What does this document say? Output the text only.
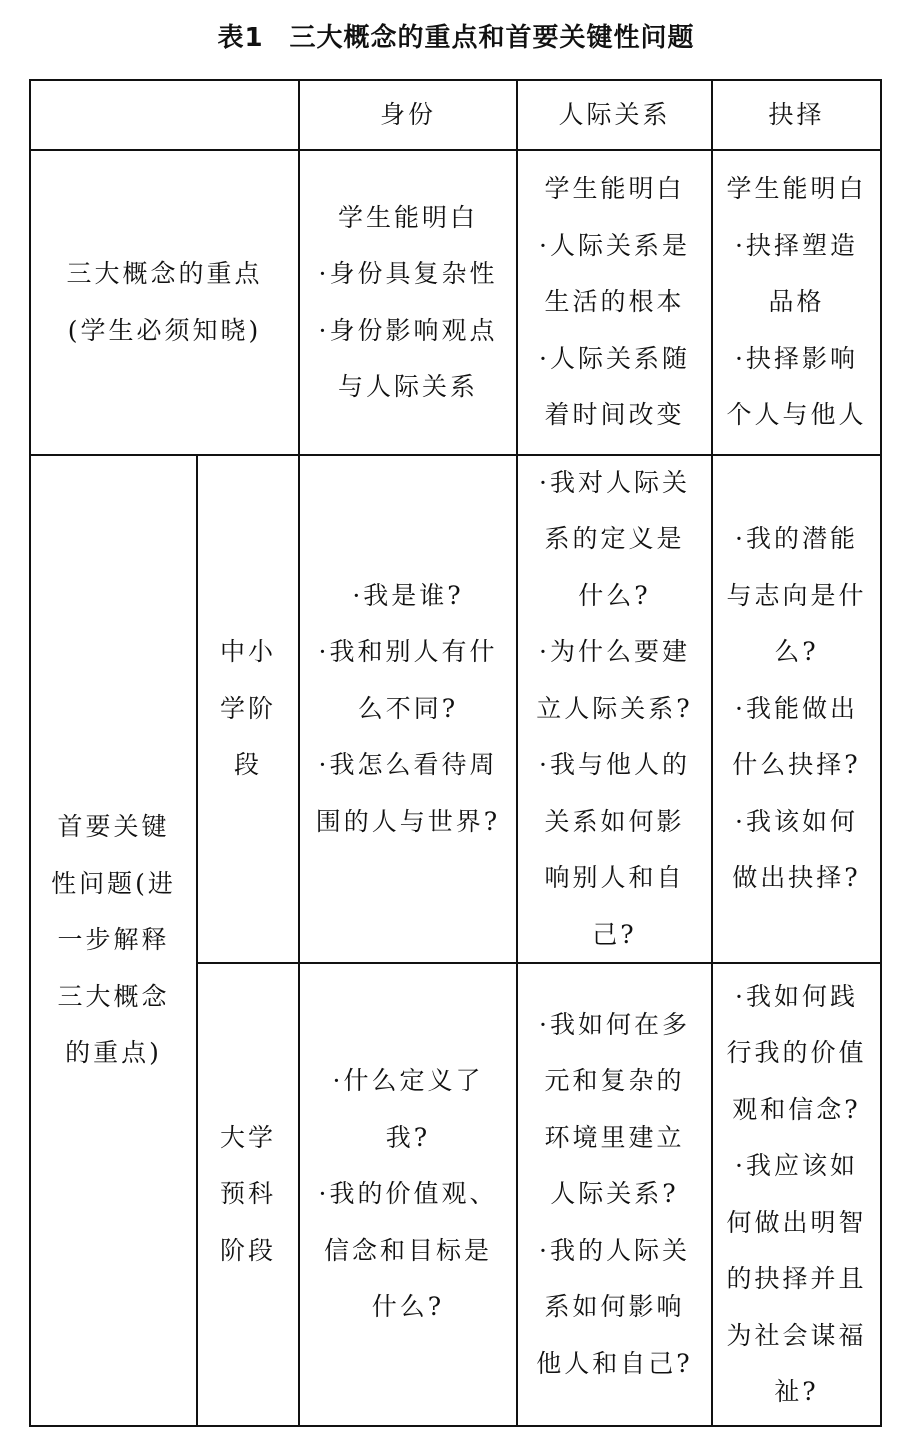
表1 三大概念的重点和首要关键性问题
身份	人际关系	抉择
三大概念的重点
(学生必须知晓)
学生能明白
·身份具复杂性
·身份影响观点
与人际关系
学生能明白
·人际关系是
生活的根本
·人际关系随
着时间改变
学生能明白
·抉择塑造
品格
·抉择影响
个人与他人
首要关键
性问题(进
一步解释
三大概念
的重点)
中小
学阶
段
·我是谁?
·我和别人有什
么不同?
·我怎么看待周
围的人与世界?
·我对人际关
系的定义是
什么?
·为什么要建
立人际关系?
·我与他人的
关系如何影
响别人和自
己?
·我的潜能
与志向是什
么?
·我能做出
什么抉择?
·我该如何
做出抉择?
大学
预科
阶段
·什么定义了
我?
·我的价值观、
信念和目标是
什么?
·我如何在多
元和复杂的
环境里建立
人际关系?
·我的人际关
系如何影响
他人和自己?
·我如何践
行我的价值
观和信念?
·我应该如
何做出明智
的抉择并且
为社会谋福
祉?
